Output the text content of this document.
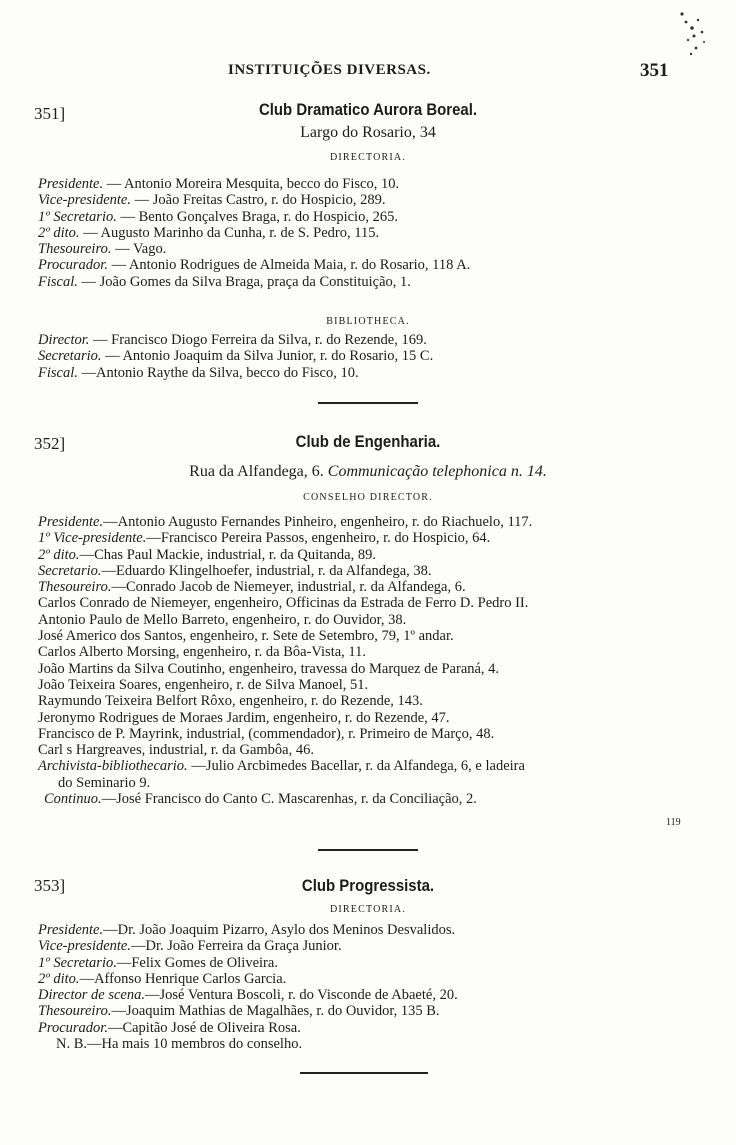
INSTITUIÇÕES DIVERSAS.	351
351]	Club Dramatico Aurora Boreal.
Largo do Rosario, 34
DIRECTORIA.
Presidente. — Antonio Moreira Mesquita, becco do Fisco, 10.
Vice-presidente. — João Freitas Castro, r. do Hospicio, 289.
1º Secretario. — Bento Gonçalves Braga, r. do Hospicio, 265.
2º dito. — Augusto Marinho da Cunha, r. de S. Pedro, 115.
Thesoureiro. — Vago.
Procurador. — Antonio Rodrigues de Almeida Maia, r. do Rosario, 118 A.
Fiscal. — João Gomes da Silva Braga, praça da Constituição, 1.
BIBLIOTHECA.
Director. — Francisco Diogo Ferreira da Silva, r. do Rezende, 169.
Secretario. — Antonio Joaquim da Silva Junior, r. do Rosario, 15 C.
Fiscal. —Antonio Raythe da Silva, becco do Fisco, 10.
352]	Club de Engenharia.
Rua da Alfandega, 6. Communicação telephonica n. 14.
CONSELHO DIRECTOR.
Presidente.—Antonio Augusto Fernandes Pinheiro, engenheiro, r. do Riachuelo, 117.
1º Vice-presidente.—Francisco Pereira Passos, engenheiro, r. do Hospicio, 64.
2º dito.—Chas Paul Mackie, industrial, r. da Quitanda, 89.
Secretario.—Eduardo Klingelhoefer, industrial, r. da Alfandega, 38.
Thesoureiro.—Conrado Jacob de Niemeyer, industrial, r. da Alfandega, 6.
Carlos Conrado de Niemeyer, engenheiro, Officinas da Estrada de Ferro D. Pedro II.
Antonio Paulo de Mello Barreto, engenheiro, r. do Ouvidor, 38.
José Americo dos Santos, engenheiro, r. Sete de Setembro, 79, 1º andar.
Carlos Alberto Morsing, engenheiro, r. da Bôa-Vista, 11.
João Martins da Silva Coutinho, engenheiro, travessa do Marquez de Paraná, 4.
João Teixeira Soares, engenheiro, r. de Silva Manoel, 51.
Raymundo Teixeira Belfort Rôxo, engenheiro, r. do Rezende, 143.
Jeronymo Rodrigues de Moraes Jardim, engenheiro, r. do Rezende, 47.
Francisco de P. Mayrink, industrial, (commendador), r. Primeiro de Março, 48.
Carl s Hargreaves, industrial, r. da Gambôa, 46.
Archivista-bibliothecario. —Julio Arcbimedes Bacellar, r. da Alfandega, 6, e ladeira
do Seminario 9.
Continuo.—José Francisco do Canto C. Mascarenhas, r. da Conciliação, 2.
119
353]	Club Progressista.
DIRECTORIA.
Presidente.—Dr. João Joaquim Pizarro, Asylo dos Meninos Desvalidos.
Vice-presidente.—Dr. João Ferreira da Graça Junior.
1º Secretario.—Felix Gomes de Oliveira.
2º dito.—Affonso Henrique Carlos Garcia.
Director de scena.—José Ventura Boscoli, r. do Visconde de Abaeté, 20.
Thesoureiro.—Joaquim Mathias de Magalhães, r. do Ouvidor, 135 B.
Procurador.—Capitão José de Oliveira Rosa.
N. B.—Ha mais 10 membros do conselho.
